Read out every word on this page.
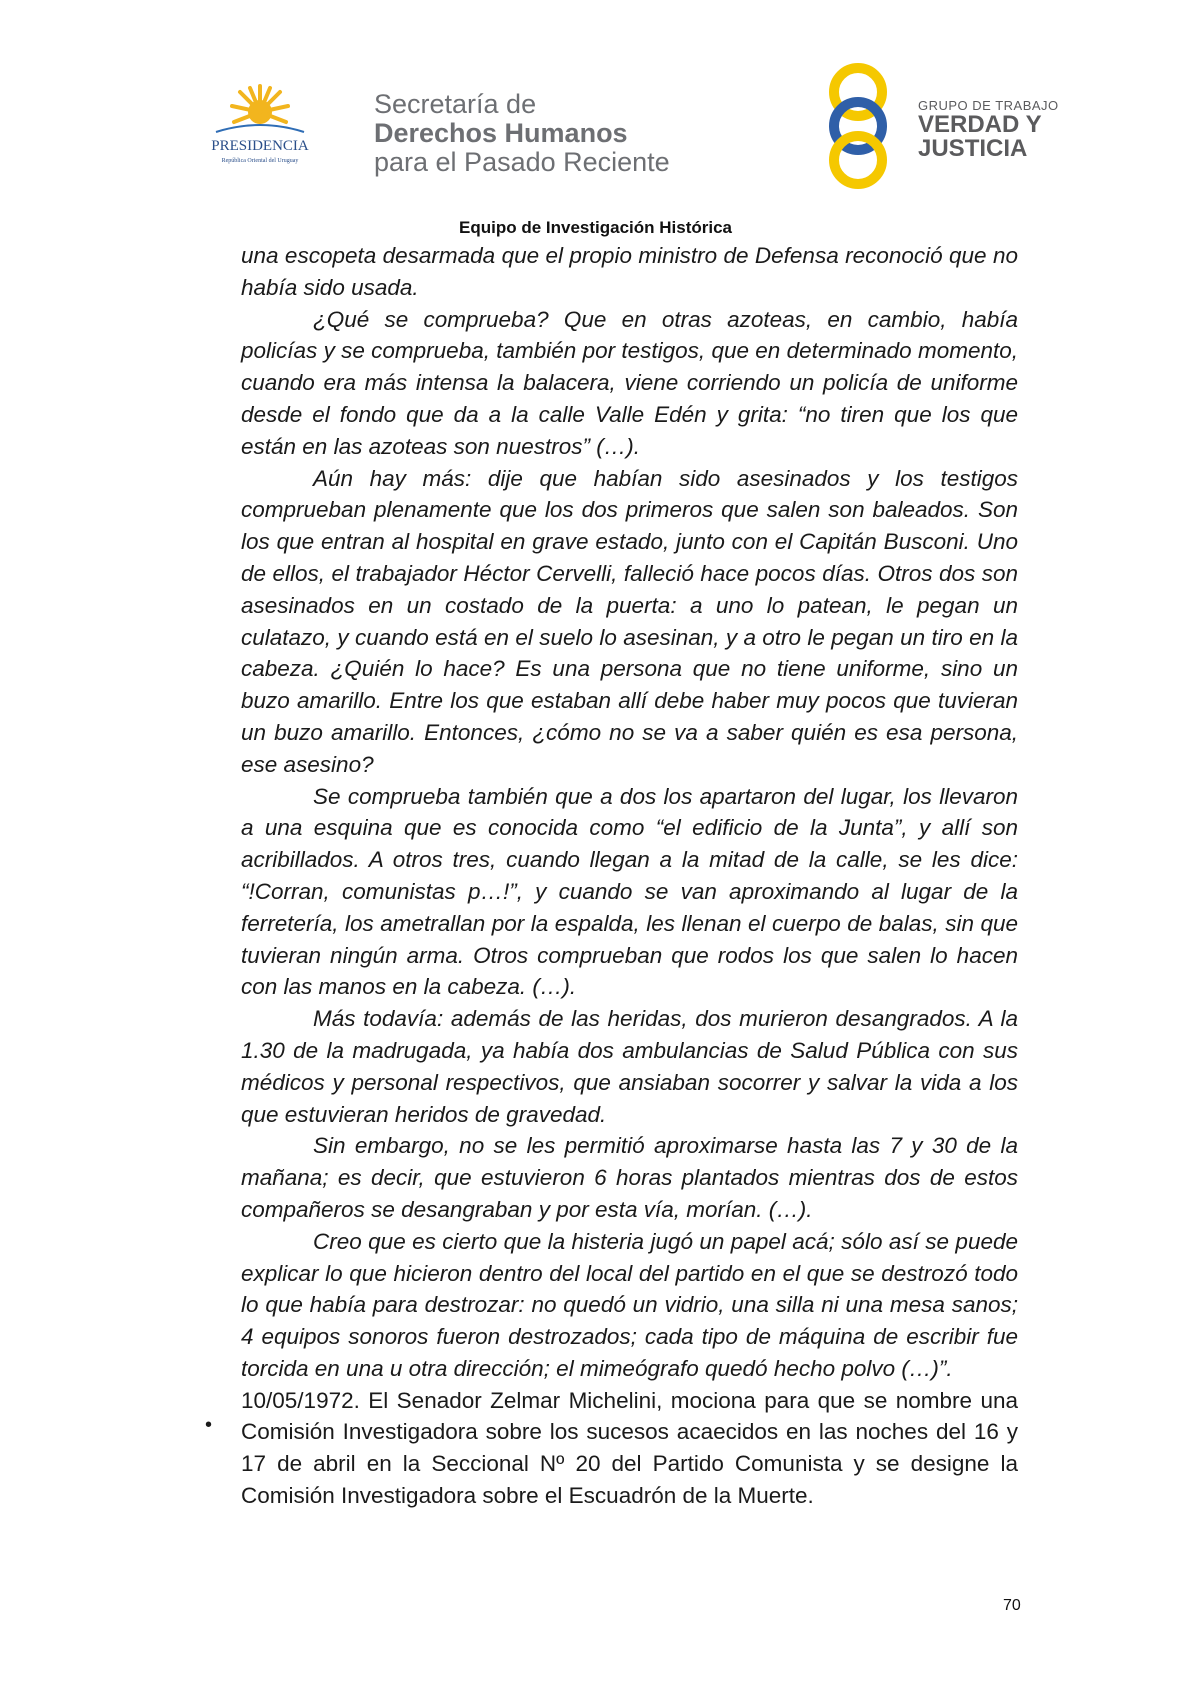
PRESIDENCIA
República Oriental del Uruguay
Secretaría de
Derechos Humanos
para el Pasado Reciente
GRUPO DE TRABAJO
VERDAD Y
JUSTICIA
Equipo de Investigación Histórica

una escopeta desarmada que el propio ministro de Defensa reconoció que no había sido usada.

¿Qué se comprueba? Que en otras azoteas, en cambio, había policías y se comprueba, también por testigos, que en determinado momento, cuando era más intensa la balacera, viene corriendo un policía de uniforme desde el fondo que da a la calle Valle Edén y grita: “no tiren que los que están en las azoteas son nuestros” (…).

Aún hay más: dije que habían sido asesinados y los testigos comprueban plenamente que los dos primeros que salen son baleados. Son los que entran al hospital en grave estado, junto con el Capitán Busconi. Uno de ellos, el trabajador Héctor Cervelli, falleció hace pocos días. Otros dos son asesinados en un costado de la puerta: a uno lo patean, le pegan un culatazo, y cuando está en el suelo lo asesinan, y a otro le pegan un tiro en la cabeza. ¿Quién lo hace? Es una persona que no tiene uniforme, sino un buzo amarillo. Entre los que estaban allí debe haber muy pocos que tuvieran un buzo amarillo. Entonces, ¿cómo no se va a saber quién es esa persona, ese asesino?

Se comprueba también que a dos los apartaron del lugar, los llevaron a una esquina que es conocida como “el edificio de la Junta”, y allí son acribillados. A otros tres, cuando llegan a la mitad de la calle, se les dice: “!Corran, comunistas p…!”, y cuando se van aproximando al lugar de la ferretería, los ametrallan por la espalda, les llenan el cuerpo de balas, sin que tuvieran ningún arma. Otros comprueban que rodos los que salen lo hacen con las manos en la cabeza. (…).

Más todavía: además de las heridas, dos murieron desangrados. A la 1.30 de la madrugada, ya había dos ambulancias de Salud Pública con sus médicos y personal respectivos, que ansiaban socorrer y salvar la vida a los que estuvieran heridos de gravedad.

Sin embargo, no se les permitió aproximarse hasta las 7 y 30 de la mañana; es decir, que estuvieron 6 horas plantados mientras dos de estos compañeros se desangraban y por esta vía, morían. (…).

Creo que es cierto que la histeria jugó un papel acá; sólo así se puede explicar lo que hicieron dentro del local del partido en el que se destrozó todo lo que había para destrozar: no quedó un vidrio, una silla ni una mesa sanos; 4 equipos sonoros fueron destrozados; cada tipo de máquina de escribir fue torcida en una u otra dirección; el mimeógrafo quedó hecho polvo (…)”.

10/05/1972. El Senador Zelmar Michelini, mociona para que se nombre una Comisión Investigadora sobre los sucesos acaecidos en las noches del 16 y 17 de abril en la Seccional Nº 20 del Partido Comunista y se designe la Comisión Investigadora sobre el Escuadrón de la Muerte.

•
70
